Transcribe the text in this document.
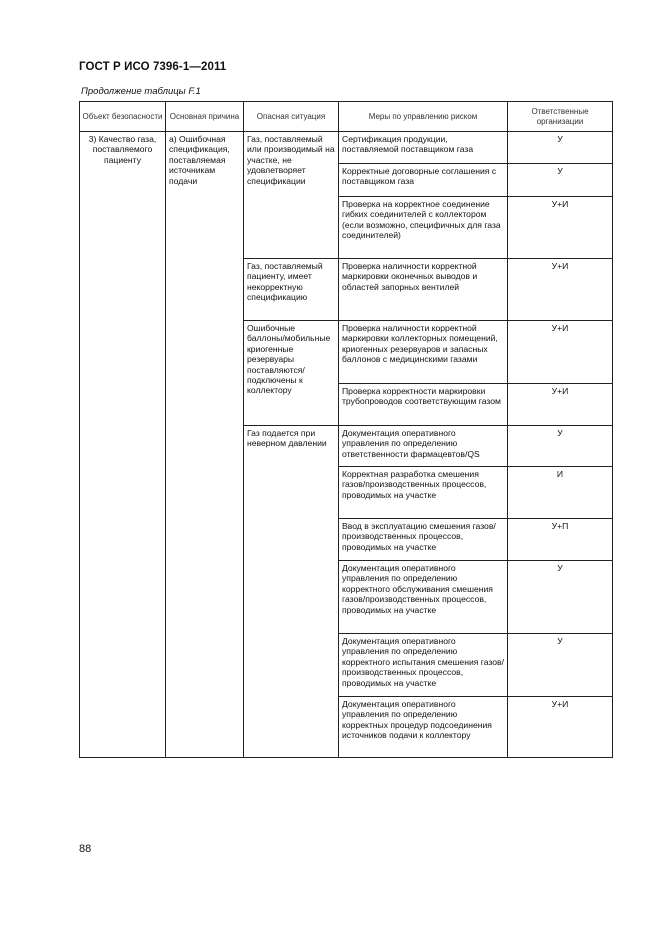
ГОСТ Р ИСО 7396-1—2011
Продолжение таблицы F.1
Объект безопасности	Основная причина	Опасная ситуация	Меры по управлению риском	Ответственные организации
3) Качество газа, поставляемого пациенту	а) Ошибочная спецификация, поставляемая источникам подачи	Газ, поставляемый или производимый на участке, не удовлетворяет спецификации	Сертификация продукции, поставляемой поставщиком газа	У
			Корректные договорные соглашения с поставщиком газа	У
			Проверка на корректное соединение гибких соединителей с коллектором (если возможно, специфичных для газа соединителей)	У+И
		Газ, поставляемый пациенту, имеет некорректную спецификацию	Проверка наличности корректной маркировки оконечных выводов и областей запорных вентилей	У+И
		Ошибочные баллоны/мобильные криогенные резервуары поставляются/подключены к коллектору	Проверка наличности корректной маркировки коллекторных помещений, криогенных резервуаров и запасных баллонов с медицинскими газами	У+И
			Проверка корректности маркировки трубопроводов соответствующим газом	У+И
		Газ подается при неверном давлении	Документация оперативного управления по определению ответственности фармацевтов/QS	У
			Корректная разработка смешения газов/производственных процессов, проводимых на участке	И
			Ввод в эксплуатацию смешения газов/производственных процессов, проводимых на участке	У+П
			Документация оперативного управления по определению корректного обслуживания смешения газов/производственных процессов, проводимых на участке	У
			Документация оперативного управления по определению корректного испытания смешения газов/производственных процессов, проводимых на участке	У
			Документация оперативного управления по определению корректных процедур подсоединения источников подачи к коллектору	У+И
88
